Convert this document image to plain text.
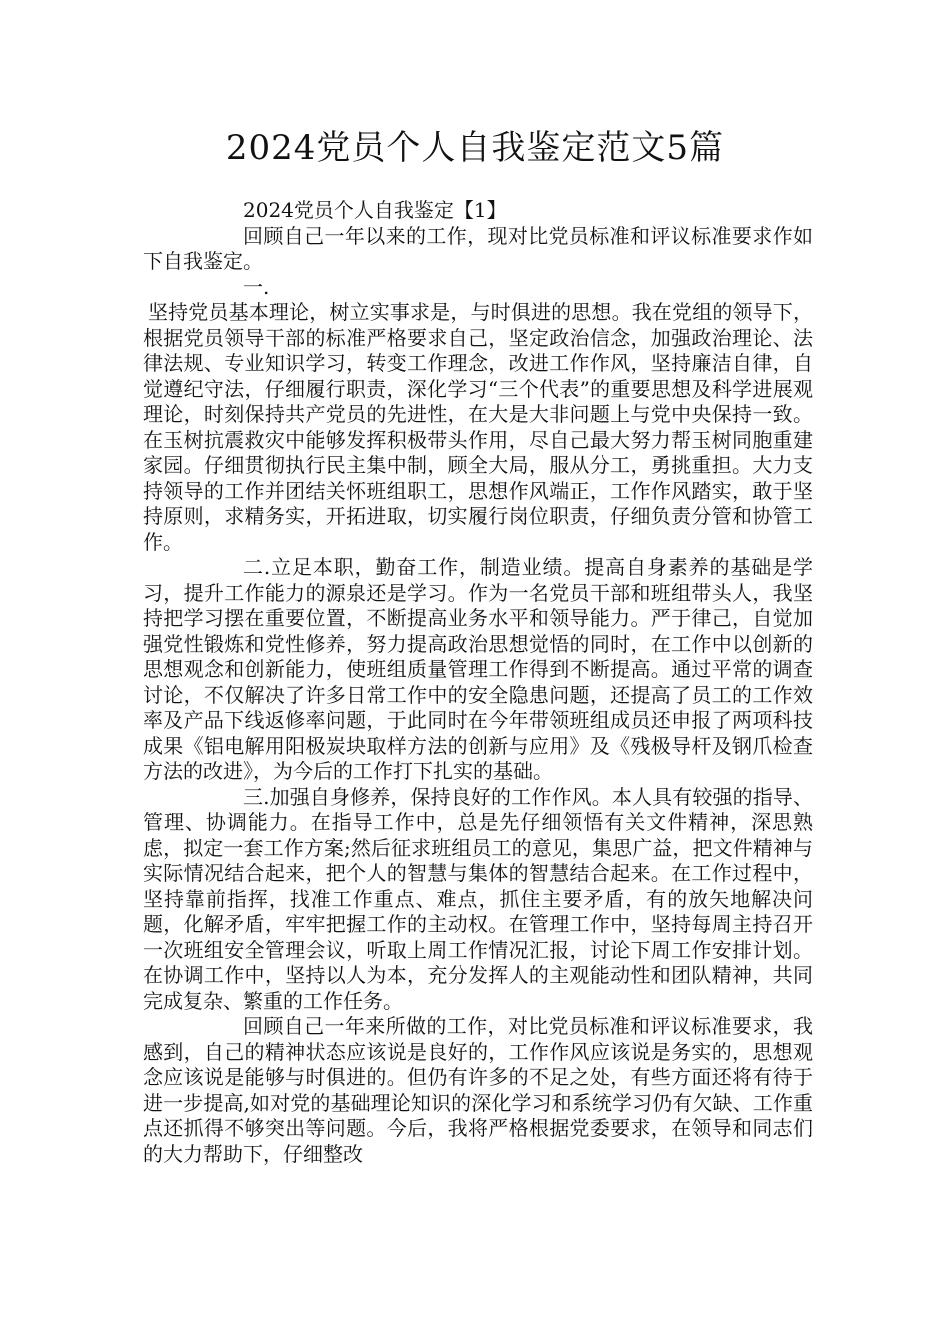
2024党员个人自我鉴定范文5篇

2024党员个人自我鉴定【1】

回顾自己一年以来的工作，现对比党员标准和评议标准要求作如下自我鉴定。

一.

坚持党员基本理论，树立实事求是，与时俱进的思想。我在党组的领导下，根据党员领导干部的标准严格要求自己，坚定政治信念，加强政治理论、法律法规、专业知识学习，转变工作理念，改进工作作风，坚持廉洁自律，自觉遵纪守法，仔细履行职责，深化学习“三个代表”的重要思想及科学进展观理论，时刻保持共产党员的先进性，在大是大非问题上与党中央保持一致。在玉树抗震救灾中能够发挥积极带头作用，尽自己最大努力帮玉树同胞重建家园。仔细贯彻执行民主集中制，顾全大局，服从分工，勇挑重担。大力支持领导的工作并团结关怀班组职工，思想作风端正，工作作风踏实，敢于坚持原则，求精务实，开拓进取，切实履行岗位职责，仔细负责分管和协管工作。

二.立足本职，勤奋工作，制造业绩。提高自身素养的基础是学习，提升工作能力的源泉还是学习。作为一名党员干部和班组带头人，我坚持把学习摆在重要位置，不断提高业务水平和领导能力。严于律己，自觉加强党性锻炼和党性修养，努力提高政治思想觉悟的同时，在工作中以创新的思想观念和创新能力，使班组质量管理工作得到不断提高。通过平常的调查讨论，不仅解决了许多日常工作中的安全隐患问题，还提高了员工的工作效率及产品下线返修率问题，于此同时在今年带领班组成员还申报了两项科技成果《铝电解用阳极炭块取样方法的创新与应用》及《残极导杆及钢爪检查方法的改进》，为今后的工作打下扎实的基础。

三.加强自身修养，保持良好的工作作风。本人具有较强的指导、管理、协调能力。在指导工作中，总是先仔细领悟有关文件精神，深思熟虑，拟定一套工作方案;然后征求班组员工的意见，集思广益，把文件精神与实际情况结合起来，把个人的智慧与集体的智慧结合起来。在工作过程中，坚持靠前指挥，找准工作重点、难点，抓住主要矛盾，有的放矢地解决问题，化解矛盾，牢牢把握工作的主动权。在管理工作中，坚持每周主持召开一次班组安全管理会议，听取上周工作情况汇报，讨论下周工作安排计划。在协调工作中，坚持以人为本，充分发挥人的主观能动性和团队精神，共同完成复杂、繁重的工作任务。

回顾自己一年来所做的工作，对比党员标准和评议标准要求，我感到，自己的精神状态应该说是良好的，工作作风应该说是务实的，思想观念应该说是能够与时俱进的。但仍有许多的不足之处，有些方面还将有待于进一步提高,如对党的基础理论知识的深化学习和系统学习仍有欠缺、工作重点还抓得不够突出等问题。今后，我将严格根据党委要求，在领导和同志们的大力帮助下，仔细整改
